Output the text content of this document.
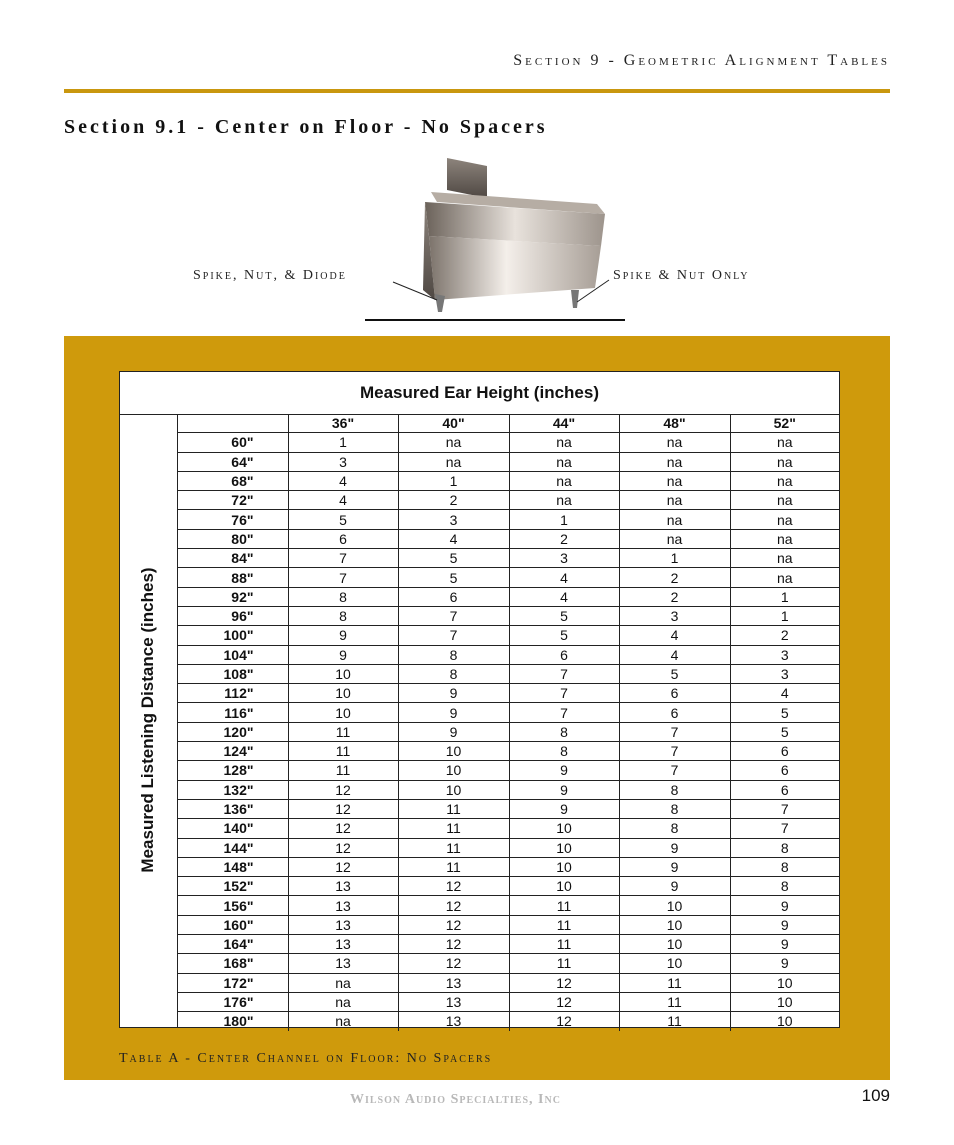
Section 9 - Geometric Alignment Tables
Section 9.1 - Center on Floor - No Spacers
Spike, Nut, & Diode	Spike & Nut Only
Measured Ear Height (inches)
Measured Listening Distance (inches)
	36"	40"	44"	48"	52"
60"	1	na	na	na	na
64"	3	na	na	na	na
68"	4	1	na	na	na
72"	4	2	na	na	na
76"	5	3	1	na	na
80"	6	4	2	na	na
84"	7	5	3	1	na
88"	7	5	4	2	na
92"	8	6	4	2	1
96"	8	7	5	3	1
100"	9	7	5	4	2
104"	9	8	6	4	3
108"	10	8	7	5	3
112"	10	9	7	6	4
116"	10	9	7	6	5
120"	11	9	8	7	5
124"	11	10	8	7	6
128"	11	10	9	7	6
132"	12	10	9	8	6
136"	12	11	9	8	7
140"	12	11	10	8	7
144"	12	11	10	9	8
148"	12	11	10	9	8
152"	13	12	10	9	8
156"	13	12	11	10	9
160"	13	12	11	10	9
164"	13	12	11	10	9
168"	13	12	11	10	9
172"	na	13	12	11	10
176"	na	13	12	11	10
180"	na	13	12	11	10
Table A - Center Channel on Floor: No Spacers
Wilson Audio Specialties, Inc	109
